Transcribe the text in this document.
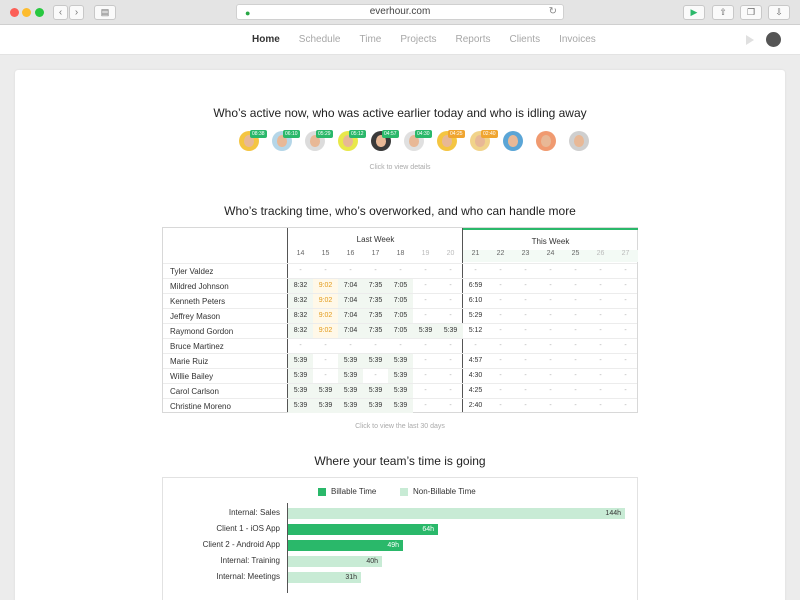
‹	›	▤	●	everhour.com	↻	▶	⇧	❐	⇩
Home Schedule Time Projects Reports Clients Invoices
Who’s active now, who was active earlier today and who is idling away
08:38	06:10	05:29	05:12	04:57	04:30	04:25	02:40
Click to view details
Who’s tracking time, who’s overworked, and who can handle more
Last Week	This Week
14	15	16	17	18	19	20	21	22	23	24	25	26	27
Tyler Valdez	-	-	-	-	-	-	-	-	-	-	-	-	-	-
Mildred Johnson	8:32	9:02	7:04	7:35	7:05	-	-	6:59	-	-	-	-	-	-
Kenneth Peters	8:32	9:02	7:04	7:35	7:05	-	-	6:10	-	-	-	-	-	-
Jeffrey Mason	8:32	9:02	7:04	7:35	7:05	-	-	5:29	-	-	-	-	-	-
Raymond Gordon	8:32	9:02	7:04	7:35	7:05	5:39	5:39	5:12	-	-	-	-	-	-
Bruce Martinez	-	-	-	-	-	-	-	-	-	-	-	-	-	-
Marie Ruiz	5:39	-	5:39	5:39	5:39	-	-	4:57	-	-	-	-	-	-
Willie Bailey	5:39	-	5:39	-	5:39	-	-	4:30	-	-	-	-	-	-
Carol Carlson	5:39	5:39	5:39	5:39	5:39	-	-	4:25	-	-	-	-	-	-
Christine Moreno	5:39	5:39	5:39	5:39	5:39	-	-	2:40	-	-	-	-	-	-
Click to view the last 30 days
Where your team’s time is going
Billable Time	Non-Billable Time
Internal: Sales	144h
Client 1 - iOS App	64h
Client 2 - Android App	49h
Internal: Training	40h
Internal: Meetings	31h
